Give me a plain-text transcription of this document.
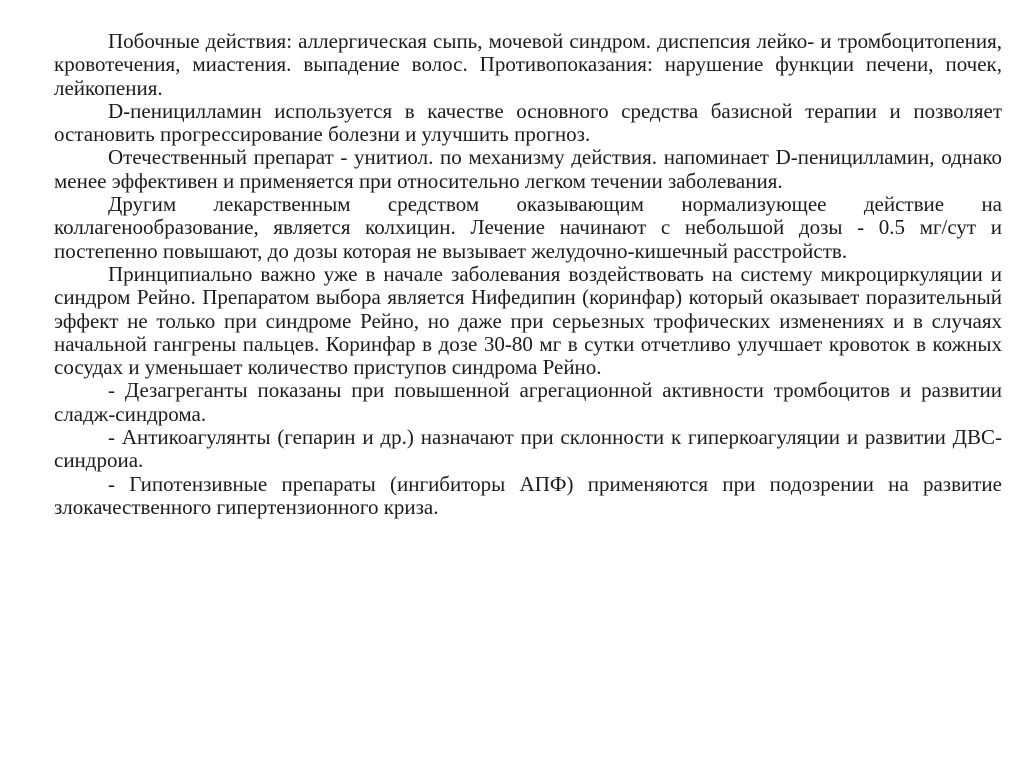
Побочные действия: аллергическая сыпь, мочевой синдром. диспепсия лейко- и тромбоцитопения, кровотечения, миастения. выпадение волос. Противопоказания: нарушение функции печени, почек, лейкопения.

D-пеницилламин используется в качестве основного средства базисной терапии и позволяет остановить прогрессирование болезни и улучшить прогноз.

Отечественный препарат - унитиол. по механизму действия. напоминает D-пеницилламин, однако менее эффективен и применяется при относительно легком течении заболевания.

Другим лекарственным средством оказывающим нормализующее действие на коллагенообразование, является колхицин. Лечение начинают с небольшой дозы - 0.5 мг/сут и постепенно повышают, до дозы которая не вызывает желудочно-кишечный расстройств.

Принципиально важно уже в начале заболевания воздействовать на систему микроциркуляции и синдром Рейно. Препаратом выбора является Нифедипин (коринфар) который оказывает поразительный эффект не только при синдроме Рейно, но даже при серьезных трофических изменениях и в случаях начальной гангрены пальцев. Коринфар в дозе 30-80 мг в сутки отчетливо улучшает кровоток в кожных сосудах и уменьшает количество приступов синдрома Рейно.

- Дезагреганты показаны при повышенной агрегационной активности тромбоцитов и развитии сладж-синдрома.

- Антикоагулянты (гепарин и др.) назначают при склонности к гиперкоагуляции и развитии ДВС-синдроиа.

- Гипотензивные препараты (ингибиторы АПФ) применяются при подозрении на развитие злокачественного гипертензионного криза.
